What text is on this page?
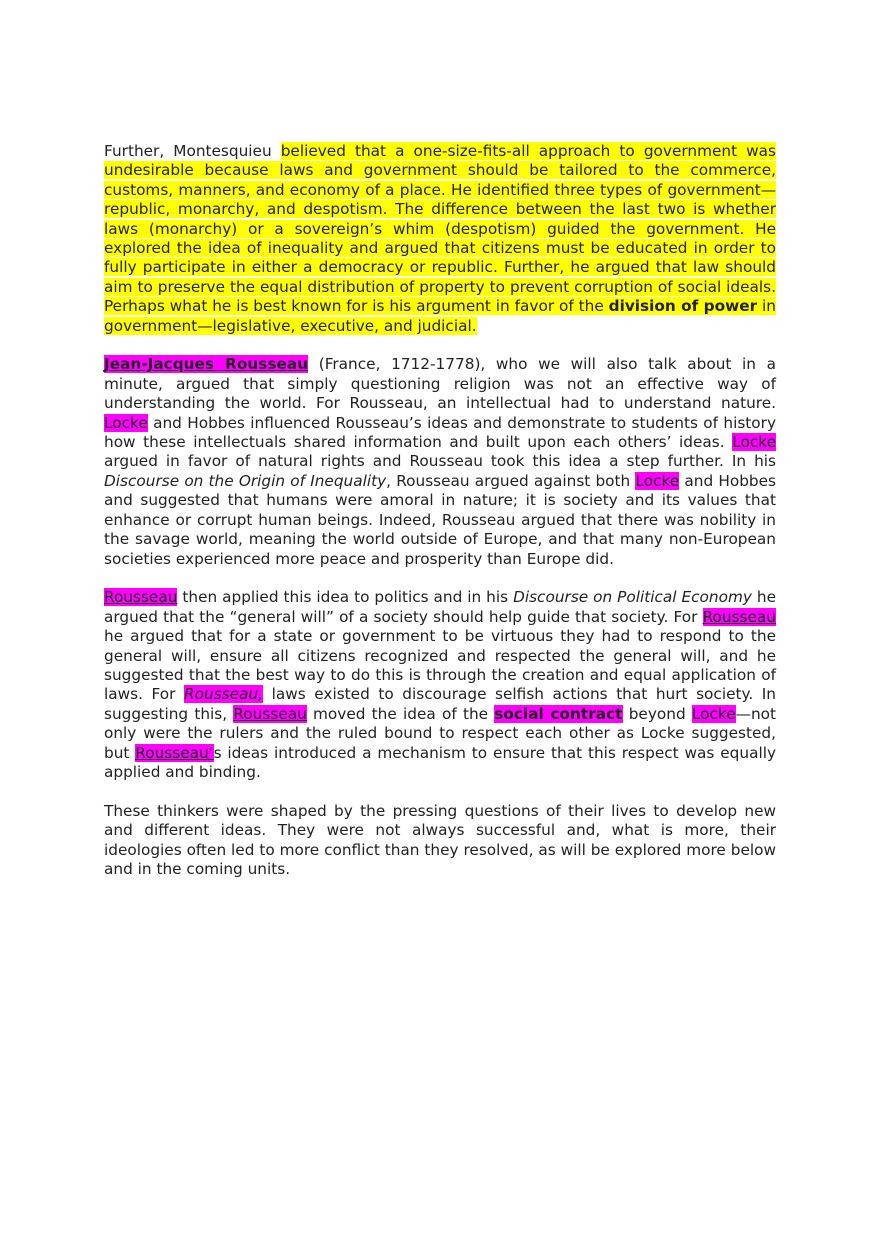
Further, Montesquieu believed that a one-size-fits-all approach to government was undesirable because laws and government should be tailored to the commerce, customs, manners, and economy of a place. He identified three types of government—republic, monarchy, and despotism. The difference between the last two is whether laws (monarchy) or a sovereign’s whim (despotism) guided the government. He explored the idea of inequality and argued that citizens must be educated in order to fully participate in either a democracy or republic. Further, he argued that law should aim to preserve the equal distribution of property to prevent corruption of social ideals. Perhaps what he is best known for is his argument in favor of the division of power in government—legislative, executive, and judicial.

Jean-Jacques Rousseau (France, 1712-1778), who we will also talk about in a minute, argued that simply questioning religion was not an effective way of understanding the world. For Rousseau, an intellectual had to understand nature. Locke and Hobbes influenced Rousseau’s ideas and demonstrate to students of history how these intellectuals shared information and built upon each others’ ideas. Locke argued in favor of natural rights and Rousseau took this idea a step further. In his Discourse on the Origin of Inequality, Rousseau argued against both Locke and Hobbes and suggested that humans were amoral in nature; it is society and its values that enhance or corrupt human beings. Indeed, Rousseau argued that there was nobility in the savage world, meaning the world outside of Europe, and that many non-European societies experienced more peace and prosperity than Europe did.

Rousseau then applied this idea to politics and in his Discourse on Political Economy he argued that the “general will” of a society should help guide that society. For Rousseau he argued that for a state or government to be virtuous they had to respond to the general will, ensure all citizens recognized and respected the general will, and he suggested that the best way to do this is through the creation and equal application of laws. For Rousseau, laws existed to discourage selfish actions that hurt society. In suggesting this, Rousseau moved the idea of the social contract beyond Locke—not only were the rulers and the ruled bound to respect each other as Locke suggested, but Rousseau’s ideas introduced a mechanism to ensure that this respect was equally applied and binding.

These thinkers were shaped by the pressing questions of their lives to develop new and different ideas. They were not always successful and, what is more, their ideologies often led to more conflict than they resolved, as will be explored more below and in the coming units.
